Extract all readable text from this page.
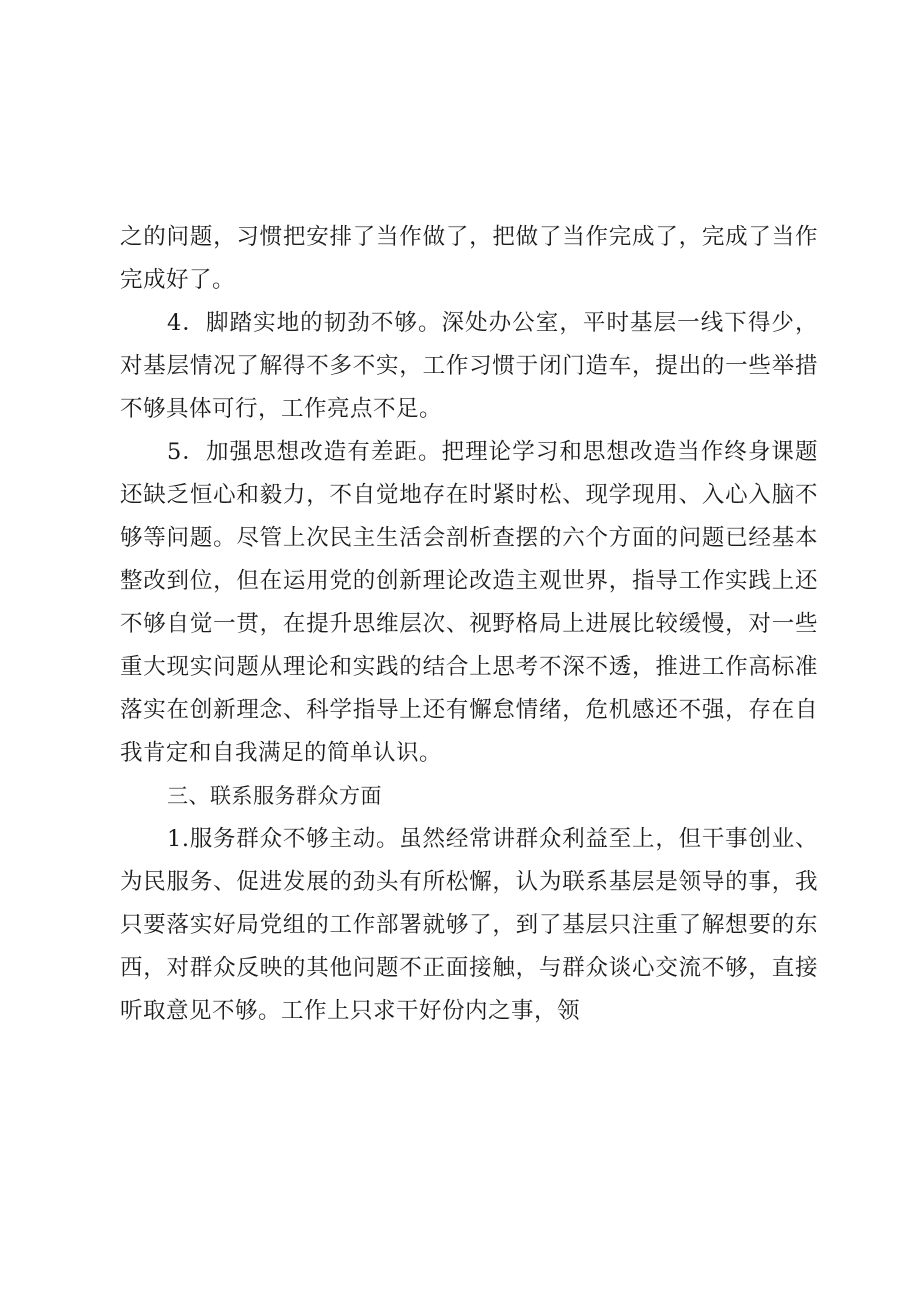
之的问题，习惯把安排了当作做了，把做了当作完成了，完成了当作完成好了。

4．脚踏实地的韧劲不够。深处办公室，平时基层一线下得少，对基层情况了解得不多不实，工作习惯于闭门造车，提出的一些举措不够具体可行，工作亮点不足。

5．加强思想改造有差距。把理论学习和思想改造当作终身课题还缺乏恒心和毅力，不自觉地存在时紧时松、现学现用、入心入脑不够等问题。尽管上次民主生活会剖析查摆的六个方面的问题已经基本整改到位，但在运用党的创新理论改造主观世界，指导工作实践上还不够自觉一贯，在提升思维层次、视野格局上进展比较缓慢，对一些重大现实问题从理论和实践的结合上思考不深不透，推进工作高标准落实在创新理念、科学指导上还有懈怠情绪，危机感还不强，存在自我肯定和自我满足的简单认识。

三、联系服务群众方面

1.服务群众不够主动。虽然经常讲群众利益至上，但干事创业、为民服务、促进发展的劲头有所松懈，认为联系基层是领导的事，我只要落实好局党组的工作部署就够了，到了基层只注重了解想要的东西，对群众反映的其他问题不正面接触，与群众谈心交流不够，直接听取意见不够。工作上只求干好份内之事，领
